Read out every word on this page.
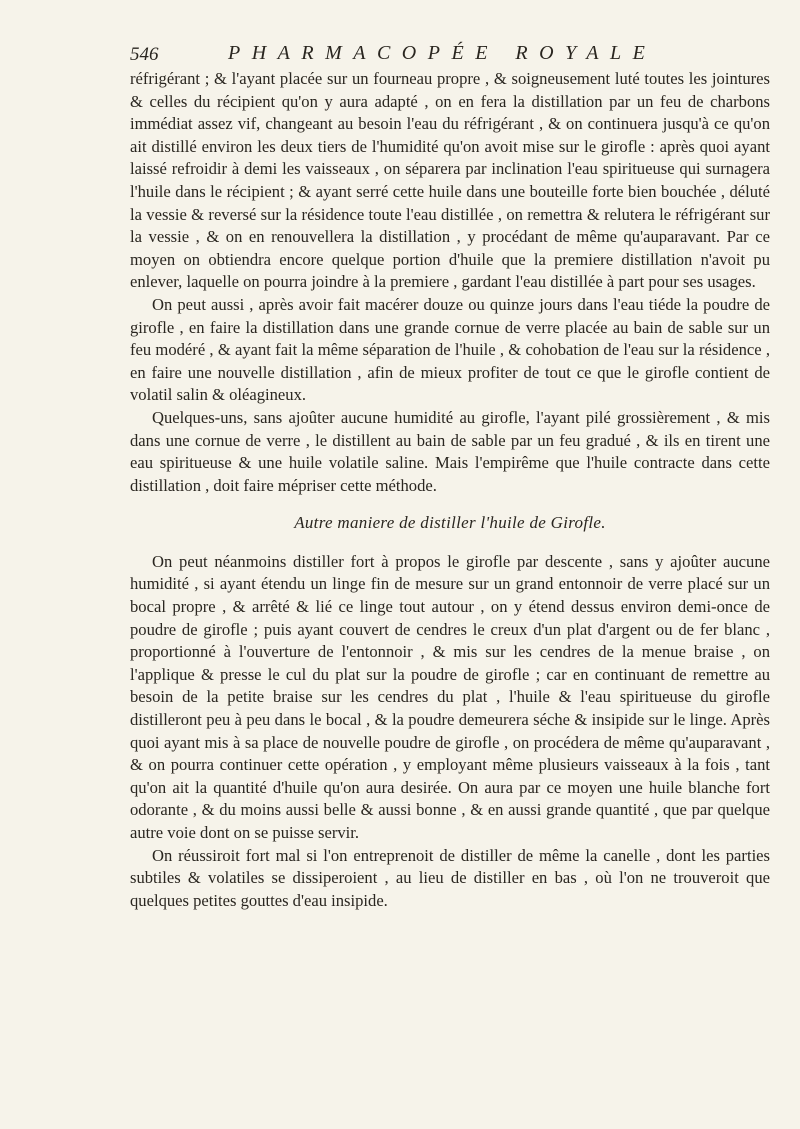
546	PHARMACOPÉE ROYALE

réfrigérant ; & l'ayant placée sur un fourneau propre , & soigneusement luté toutes les jointures & celles du récipient qu'on y aura adapté , on en fera la distillation par un feu de charbons immédiat assez vif, changeant au besoin l'eau du réfrigérant , & on continuera jusqu'à ce qu'on ait distillé environ les deux tiers de l'humidité qu'on avoit mise sur le girofle : après quoi ayant laissé refroidir à demi les vaisseaux , on séparera par inclination l'eau spiritueuse qui surnagera l'huile dans le récipient ; & ayant serré cette huile dans une bouteille forte bien bouchée , déluté la vessie & reversé sur la résidence toute l'eau distillée , on remettra & relutera le réfrigérant sur la vessie , & on en renouvellera la distillation , y procédant de même qu'auparavant. Par ce moyen on obtiendra encore quelque portion d'huile que la premiere distillation n'avoit pu enlever, laquelle on pourra joindre à la premiere , gardant l'eau distillée à part pour ses usages.

On peut aussi , après avoir fait macérer douze ou quinze jours dans l'eau tiéde la poudre de girofle , en faire la distillation dans une grande cornue de verre placée au bain de sable sur un feu modéré , & ayant fait la même séparation de l'huile , & cohobation de l'eau sur la résidence , en faire une nouvelle distillation , afin de mieux profiter de tout ce que le girofle contient de volatil salin & oléagineux.

Quelques-uns, sans ajoûter aucune humidité au girofle, l'ayant pilé grossièrement , & mis dans une cornue de verre , le distillent au bain de sable par un feu gradué , & ils en tirent une eau spiritueuse & une huile volatile saline. Mais l'empirême que l'huile contracte dans cette distillation , doit faire mépriser cette méthode.

Autre maniere de distiller l'huile de Girofle.

On peut néanmoins distiller fort à propos le girofle par descente , sans y ajoûter aucune humidité , si ayant étendu un linge fin de mesure sur un grand entonnoir de verre placé sur un bocal propre , & arrêté & lié ce linge tout autour , on y étend dessus environ demi-once de poudre de girofle ; puis ayant couvert de cendres le creux d'un plat d'argent ou de fer blanc , proportionné à l'ouverture de l'entonnoir , & mis sur les cendres de la menue braise , on l'applique & presse le cul du plat sur la poudre de girofle ; car en continuant de remettre au besoin de la petite braise sur les cendres du plat , l'huile & l'eau spiritueuse du girofle distilleront peu à peu dans le bocal , & la poudre demeurera séche & insipide sur le linge. Après quoi ayant mis à sa place de nouvelle poudre de girofle , on procédera de même qu'auparavant , & on pourra continuer cette opération , y employant même plusieurs vaisseaux à la fois , tant qu'on ait la quantité d'huile qu'on aura desirée. On aura par ce moyen une huile blanche fort odorante , & du moins aussi belle & aussi bonne , & en aussi grande quantité , que par quelque autre voie dont on se puisse servir.

On réussiroit fort mal si l'on entreprenoit de distiller de même la canelle , dont les parties subtiles & volatiles se dissiperoient , au lieu de distiller en bas , où l'on ne trouveroit que quelques petites gouttes d'eau insipide.
